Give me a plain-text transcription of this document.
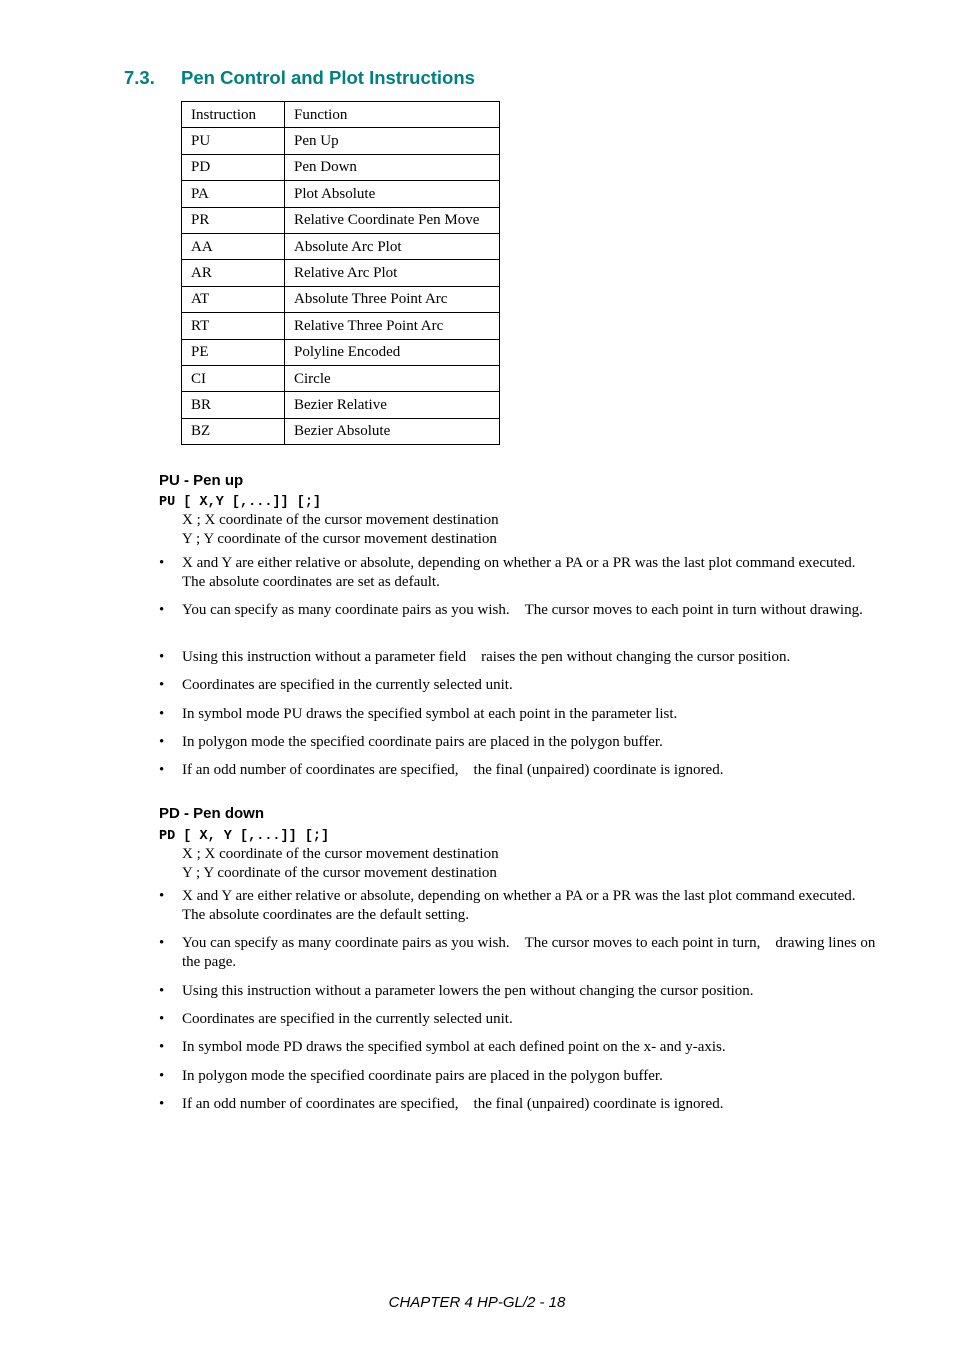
7.3. Pen Control and Plot Instructions
Instruction	Function
PU	Pen Up
PD	Pen Down
PA	Plot Absolute
PR	Relative Coordinate Pen Move
AA	Absolute Arc Plot
AR	Relative Arc Plot
AT	Absolute Three Point Arc
RT	Relative Three Point Arc
PE	Polyline Encoded
CI	Circle
BR	Bezier Relative
BZ	Bezier Absolute
PU - Pen up
PU [ X,Y [,...]] [;]
X ; X coordinate of the cursor movement destination
Y ; Y coordinate of the cursor movement destination
• X and Y are either relative or absolute, depending on whether a PA or a PR was the last plot command executed. The absolute coordinates are set as default.
• You can specify as many coordinate pairs as you wish. The cursor moves to each point in turn without drawing.
• Using this instruction without a parameter field raises the pen without changing the cursor position.
• Coordinates are specified in the currently selected unit.
• In symbol mode PU draws the specified symbol at each point in the parameter list.
• In polygon mode the specified coordinate pairs are placed in the polygon buffer.
• If an odd number of coordinates are specified, the final (unpaired) coordinate is ignored.
PD - Pen down
PD [ X, Y [,...]] [;]
X ; X coordinate of the cursor movement destination
Y ; Y coordinate of the cursor movement destination
• X and Y are either relative or absolute, depending on whether a PA or a PR was the last plot command executed. The absolute coordinates are the default setting.
• You can specify as many coordinate pairs as you wish. The cursor moves to each point in turn, drawing lines on the page.
• Using this instruction without a parameter lowers the pen without changing the cursor position.
• Coordinates are specified in the currently selected unit.
• In symbol mode PD draws the specified symbol at each defined point on the x- and y-axis.
• In polygon mode the specified coordinate pairs are placed in the polygon buffer.
• If an odd number of coordinates are specified, the final (unpaired) coordinate is ignored.
CHAPTER 4 HP-GL/2 - 18
